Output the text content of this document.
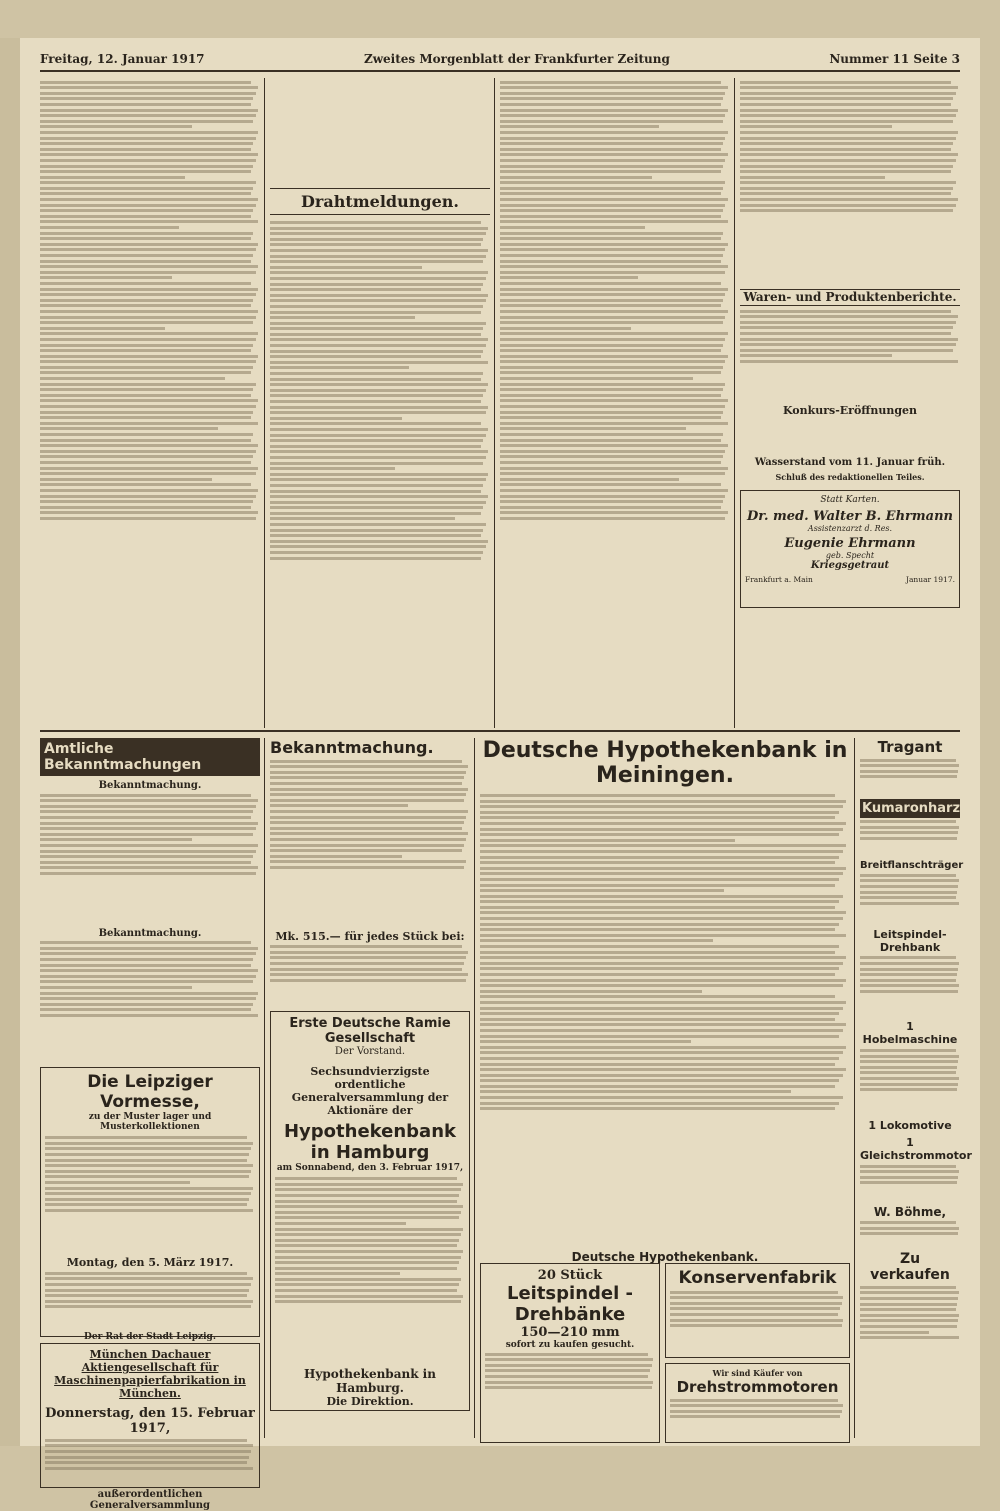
Freitag, 12. Januar 1917	Zweites Morgenblatt der Frankfurter Zeitung	Nummer 11 Seite 3
Drahtmeldungen.
Waren- und Produktenberichte.
Konkurs-Eröffnungen
Wasserstand vom 11. Januar früh.
Schluß des redaktionellen Teiles.
Statt Karten.
Dr. med. Walter B. Ehrmann
Assistenzarzt d. Res.
Eugenie Ehrmann
geb. Specht
Kriegsgetraut
Frankfurt a. Main	Januar 1917.
Amtliche Bekanntmachungen
Bekanntmachung.
Bekanntmachung.
Die Leipziger Vormesse,
zu der Muster lager und Musterkollektionen
Montag, den 5. März 1917.
Der Rat der Stadt Leipzig.
München Dachauer Aktiengesellschaft für Maschinenpapierfabrikation in München.
Donnerstag, den 15. Februar 1917,
außerordentlichen Generalversammlung
Bekanntmachung.
Mk. 515.— für jedes Stück bei:
Erste Deutsche Ramie Gesellschaft
Der Vorstand.
Sechsundvierzigste ordentliche Generalversammlung der Aktionäre der
Hypothekenbank in Hamburg
am Sonnabend, den 3. Februar 1917,
Hypothekenbank in Hamburg.
Die Direktion.
Deutsche Hypothekenbank in Meiningen.
Deutsche Hypothekenbank.
20 Stück
Leitspindel - Drehbänke
150—210 mm
sofort zu kaufen gesucht.
Konservenfabrik
Wir sind Käufer von
Drehstrommotoren
Tragant
Kumaronharz
Breitflanschträger
Leitspindel-Drehbank
1 Hobelmaschine
1 Lokomotive
1 Gleichstrommotor
W. Böhme,
Zu verkaufen
